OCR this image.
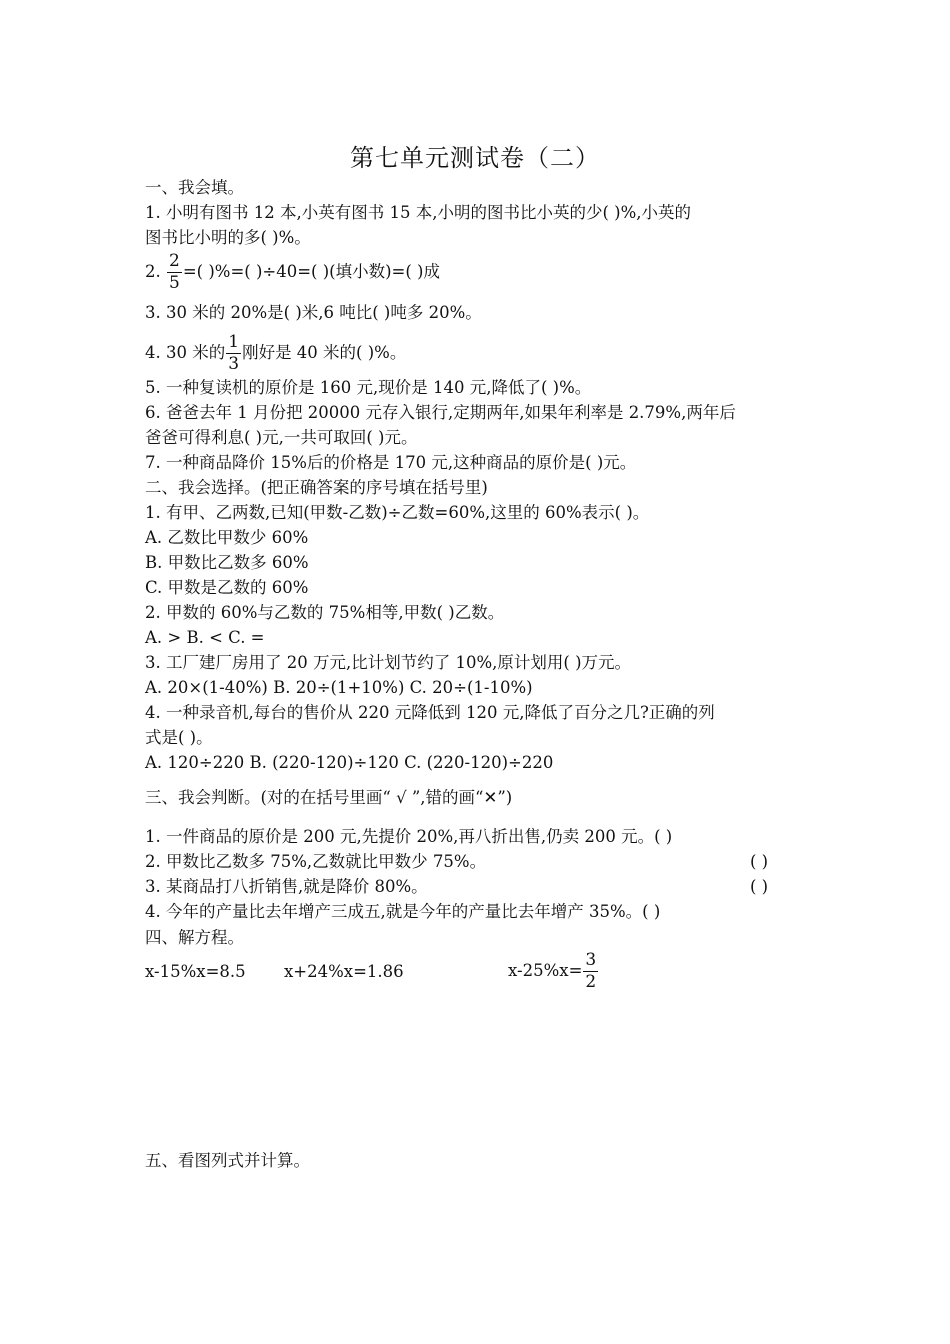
第七单元测试卷（二）
一、我会填。
1. 小明有图书 12 本,小英有图书 15 本,小明的图书比小英的少( )%,小英的
图书比小明的多( )%。
2. $\frac{2}{5}$ =( )%=( )÷40=( )(填小数)=( )成
3. 30 米的 20%是( )米,6 吨比( )吨多 20%。
4. 30 米的 $\frac{1}{3}$ 刚好是 40 米的( )%。
5. 一种复读机的原价是 160 元,现价是 140 元,降低了( )%。
6. 爸爸去年 1 月份把 20000 元存入银行,定期两年,如果年利率是 2.79%,两年后
爸爸可得利息( )元,一共可取回( )元。
7. 一种商品降价 15%后的价格是 170 元,这种商品的原价是( )元。
二、我会选择。(把正确答案的序号填在括号里)
1. 有甲、乙两数,已知(甲数-乙数)÷乙数=60%,这里的 60%表示( )。
A. 乙数比甲数少 60%
B. 甲数比乙数多 60%
C. 甲数是乙数的 60%
2. 甲数的 60%与乙数的 75%相等,甲数( )乙数。
A. > B. < C. =
3. 工厂建厂房用了 20 万元,比计划节约了 10%,原计划用( )万元。
A. 20×(1-40%) B. 20÷(1+10%) C. 20÷(1-10%)
4. 一种录音机,每台的售价从 220 元降低到 120 元,降低了百分之几?正确的列
式是( )。
A. 120÷220 B. (220-120)÷120 C. (220-120)÷220
三、我会判断。(对的在括号里画“ √ ”,错的画“✕”)
1. 一件商品的原价是 200 元,先提价 20%,再八折出售,仍卖 200 元。( )
2. 甲数比乙数多 75%,乙数就比甲数少 75%。	( )
3. 某商品打八折销售,就是降价 80%。	( )
4. 今年的产量比去年增产三成五,就是今年的产量比去年增产 35%。( )
四、解方程。
x-15%x=8.5 x+24%x=1.86	$x-25\%x= \frac{3}{2}$
五、看图列式并计算。
